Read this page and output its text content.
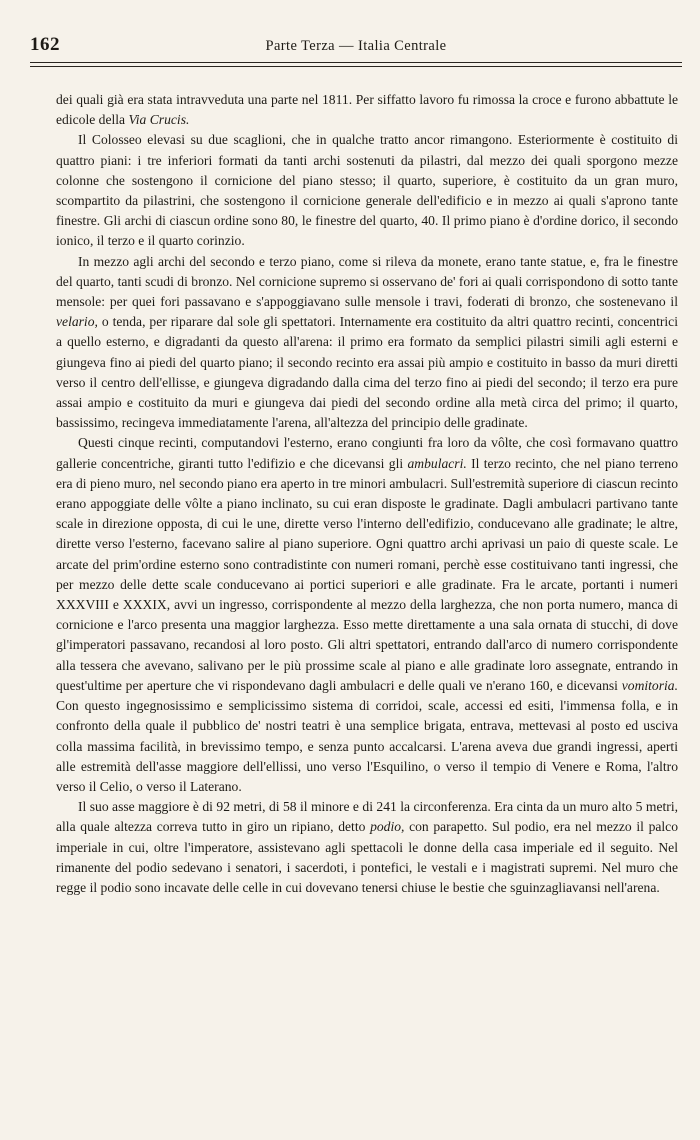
162	Parte Terza — Italia Centrale

dei quali già era stata intravveduta una parte nel 1811. Per siffatto lavoro fu rimossa la croce e furono abbattute le edicole della Via Crucis.

Il Colosseo elevasi su due scaglioni, che in qualche tratto ancor rimangono. Esteriormente è costituito di quattro piani: i tre inferiori formati da tanti archi sostenuti da pilastri, dal mezzo dei quali sporgono mezze colonne che sostengono il cornicione del piano stesso; il quarto, superiore, è costituito da un gran muro, scompartito da pilastrini, che sostengono il cornicione generale dell'edificio e in mezzo ai quali s'aprono tante finestre. Gli archi di ciascun ordine sono 80, le finestre del quarto, 40. Il primo piano è d'ordine dorico, il secondo ionico, il terzo e il quarto corinzio.

In mezzo agli archi del secondo e terzo piano, come si rileva da monete, erano tante statue, e, fra le finestre del quarto, tanti scudi di bronzo. Nel cornicione supremo si osservano de' fori ai quali corrispondono di sotto tante mensole: per quei fori passavano e s'appoggiavano sulle mensole i travi, foderati di bronzo, che sostenevano il velario, o tenda, per riparare dal sole gli spettatori. Internamente era costituito da altri quattro recinti, concentrici a quello esterno, e digradanti da questo all'arena: il primo era formato da semplici pilastri simili agli esterni e giungeva fino ai piedi del quarto piano; il secondo recinto era assai più ampio e costituito in basso da muri diretti verso il centro dell'ellisse, e giungeva digradando dalla cima del terzo fino ai piedi del secondo; il terzo era pure assai ampio e costituito da muri e giungeva dai piedi del secondo ordine alla metà circa del primo; il quarto, bassissimo, recingeva immediatamente l'arena, all'altezza del principio delle gradinate.

Questi cinque recinti, computandovi l'esterno, erano congiunti fra loro da vôlte, che così formavano quattro gallerie concentriche, giranti tutto l'edifizio e che dicevansi gli ambulacri. Il terzo recinto, che nel piano terreno era di pieno muro, nel secondo piano era aperto in tre minori ambulacri. Sull'estremità superiore di ciascun recinto erano appoggiate delle vôlte a piano inclinato, su cui eran disposte le gradinate. Dagli ambulacri partivano tante scale in direzione opposta, di cui le une, dirette verso l'interno dell'edifizio, conducevano alle gradinate; le altre, dirette verso l'esterno, facevano salire al piano superiore. Ogni quattro archi aprivasi un paio di queste scale. Le arcate del prim'ordine esterno sono contradistinte con numeri romani, perchè esse costituivano tanti ingressi, che per mezzo delle dette scale conducevano ai portici superiori e alle gradinate. Fra le arcate, portanti i numeri XXXVIII e XXXIX, avvi un ingresso, corrispondente al mezzo della larghezza, che non porta numero, manca di cornicione e l'arco presenta una maggior larghezza. Esso mette direttamente a una sala ornata di stucchi, di dove gl'imperatori passavano, recandosi al loro posto. Gli altri spettatori, entrando dall'arco di numero corrispondente alla tessera che avevano, salivano per le più prossime scale al piano e alle gradinate loro assegnate, entrando in quest'ultime per aperture che vi rispondevano dagli ambulacri e delle quali ve n'erano 160, e dicevansi vomitoria. Con questo ingegnosissimo e semplicissimo sistema di corridoi, scale, accessi ed esiti, l'immensa folla, e in confronto della quale il pubblico de' nostri teatri è una semplice brigata, entrava, mettevasi al posto ed usciva colla massima facilità, in brevissimo tempo, e senza punto accalcarsi. L'arena aveva due grandi ingressi, aperti alle estremità dell'asse maggiore dell'ellissi, uno verso l'Esquilino, o verso il tempio di Venere e Roma, l'altro verso il Celio, o verso il Laterano.

Il suo asse maggiore è di 92 metri, di 58 il minore e di 241 la circonferenza. Era cinta da un muro alto 5 metri, alla quale altezza correva tutto in giro un ripiano, detto podio, con parapetto. Sul podio, era nel mezzo il palco imperiale in cui, oltre l'imperatore, assistevano agli spettacoli le donne della casa imperiale ed il seguito. Nel rimanente del podio sedevano i senatori, i sacerdoti, i pontefici, le vestali e i magistrati supremi. Nel muro che regge il podio sono incavate delle celle in cui dovevano tenersi chiuse le bestie che sguinzagliavansi nell'arena.
